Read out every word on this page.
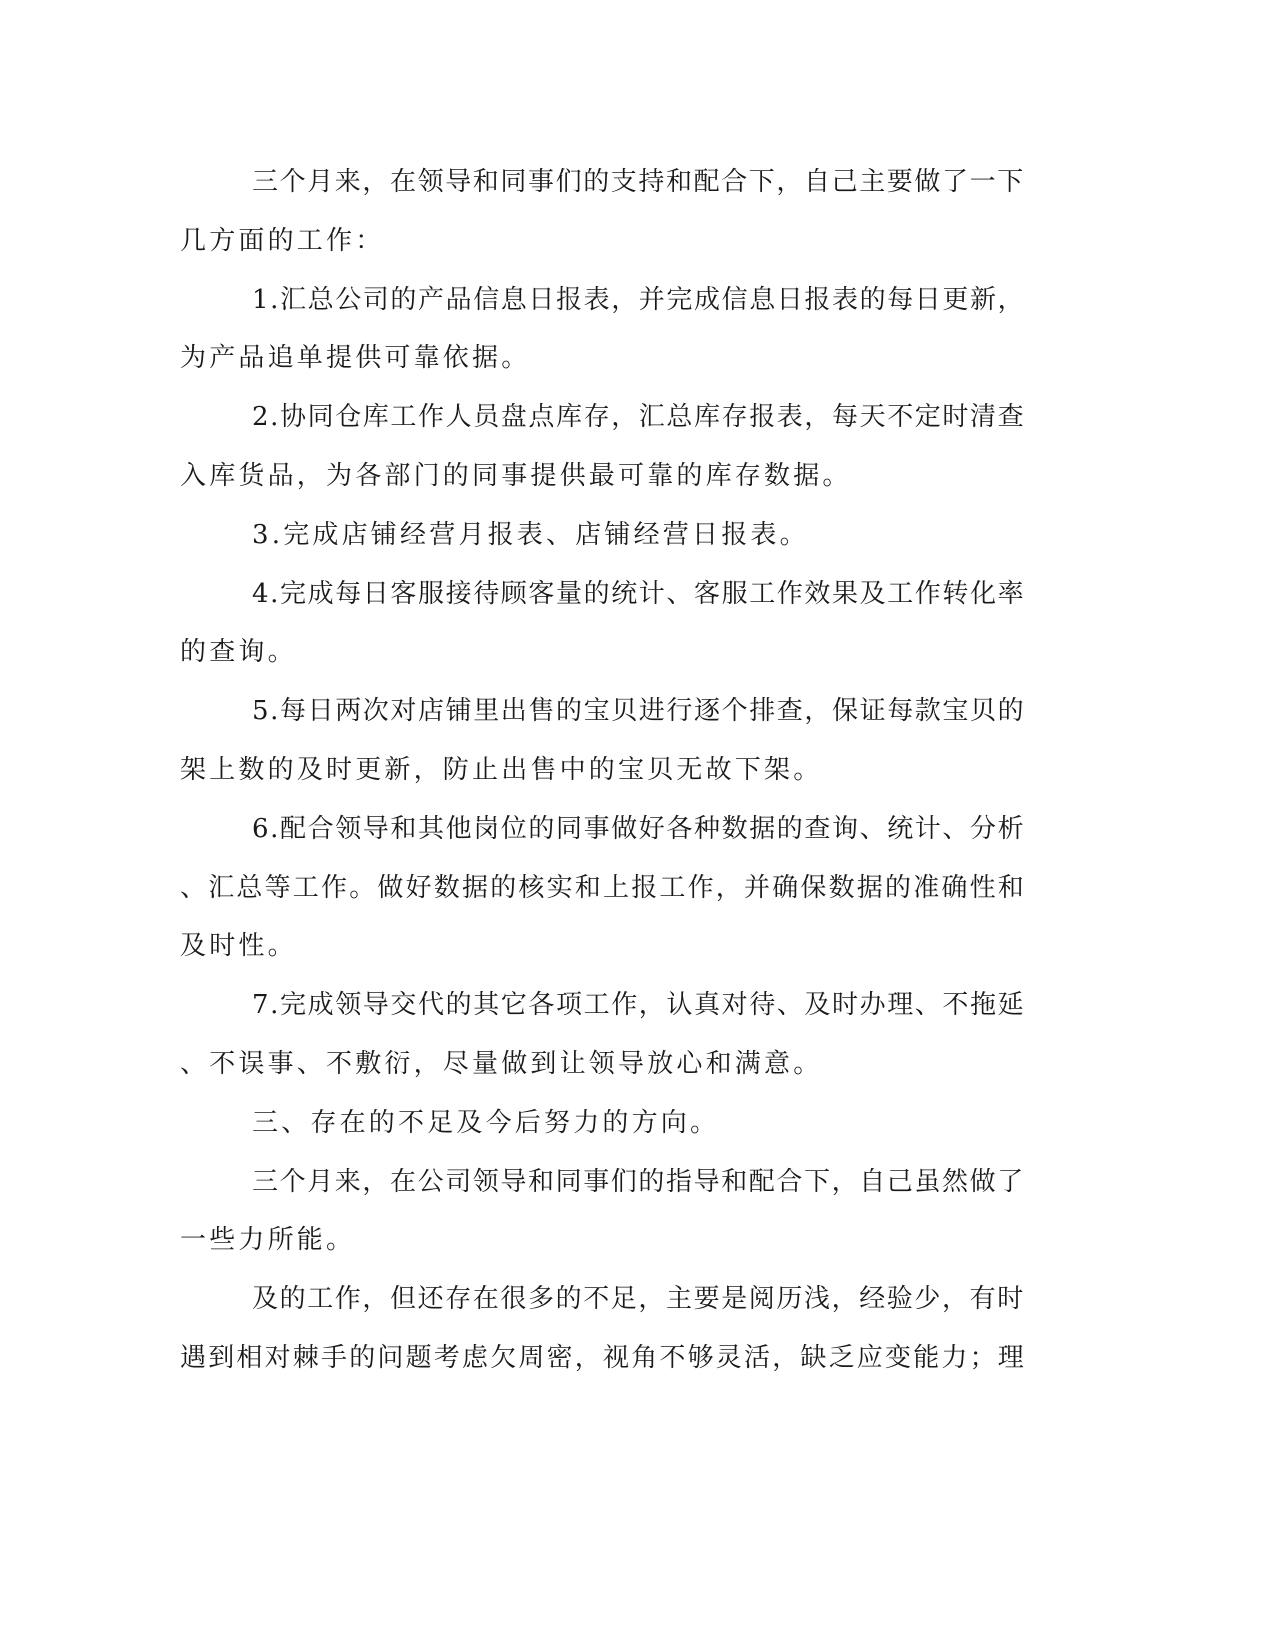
三个月来，在领导和同事们的支持和配合下，自己主要做了一下
几方面的工作：
1.汇总公司的产品信息日报表，并完成信息日报表的每日更新，
为产品追单提供可靠依据。
2.协同仓库工作人员盘点库存，汇总库存报表，每天不定时清查
入库货品，为各部门的同事提供最可靠的库存数据。
3.完成店铺经营月报表、店铺经营日报表。
4.完成每日客服接待顾客量的统计、客服工作效果及工作转化率
的查询。
5.每日两次对店铺里出售的宝贝进行逐个排查，保证每款宝贝的
架上数的及时更新，防止出售中的宝贝无故下架。
6.配合领导和其他岗位的同事做好各种数据的查询、统计、分析
、汇总等工作。做好数据的核实和上报工作，并确保数据的准确性和
及时性。
7.完成领导交代的其它各项工作，认真对待、及时办理、不拖延
、不误事、不敷衍，尽量做到让领导放心和满意。
三、存在的不足及今后努力的方向。
三个月来，在公司领导和同事们的指导和配合下，自己虽然做了
一些力所能。
及的工作，但还存在很多的不足，主要是阅历浅，经验少，有时
遇到相对棘手的问题考虑欠周密，视角不够灵活，缺乏应变能力；理
